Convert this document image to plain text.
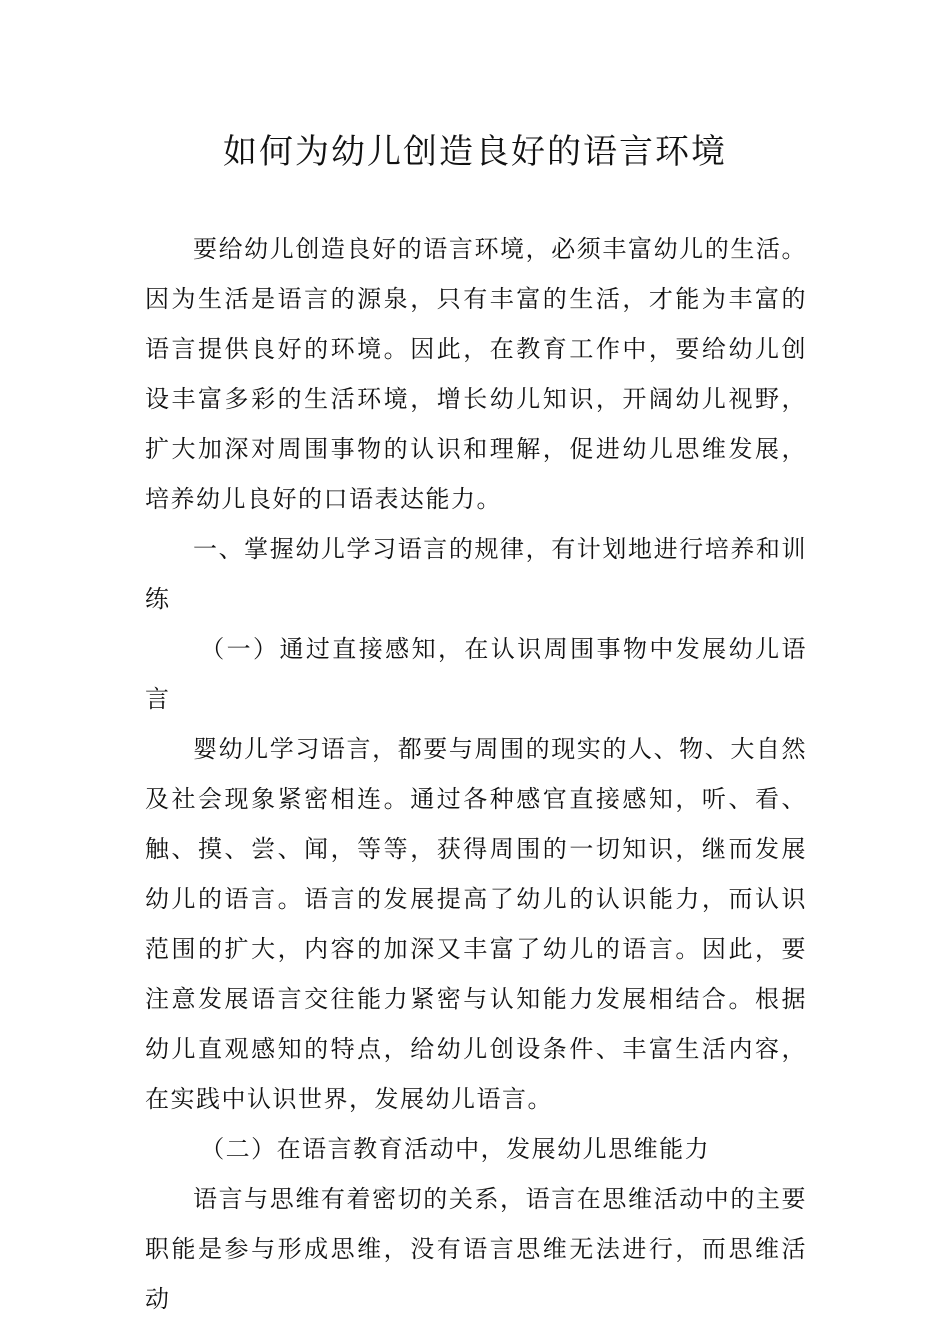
如何为幼儿创造良好的语言环境

要给幼儿创造良好的语言环境，必须丰富幼儿的生活。因为生活是语言的源泉，只有丰富的生活，才能为丰富的语言提供良好的环境。因此，在教育工作中，要给幼儿创设丰富多彩的生活环境，增长幼儿知识，开阔幼儿视野，扩大加深对周围事物的认识和理解，促进幼儿思维发展，培养幼儿良好的口语表达能力。

一、掌握幼儿学习语言的规律，有计划地进行培养和训练

（一）通过直接感知，在认识周围事物中发展幼儿语言

婴幼儿学习语言，都要与周围的现实的人、物、大自然及社会现象紧密相连。通过各种感官直接感知，听、看、触、摸、尝、闻，等等，获得周围的一切知识，继而发展幼儿的语言。语言的发展提高了幼儿的认识能力，而认识范围的扩大，内容的加深又丰富了幼儿的语言。因此，要注意发展语言交往能力紧密与认知能力发展相结合。根据幼儿直观感知的特点，给幼儿创设条件、丰富生活内容，在实践中认识世界，发展幼儿语言。

（二）在语言教育活动中，发展幼儿思维能力

语言与思维有着密切的关系，语言在思维活动中的主要职能是参与形成思维，没有语言思维无法进行，而思维活动
